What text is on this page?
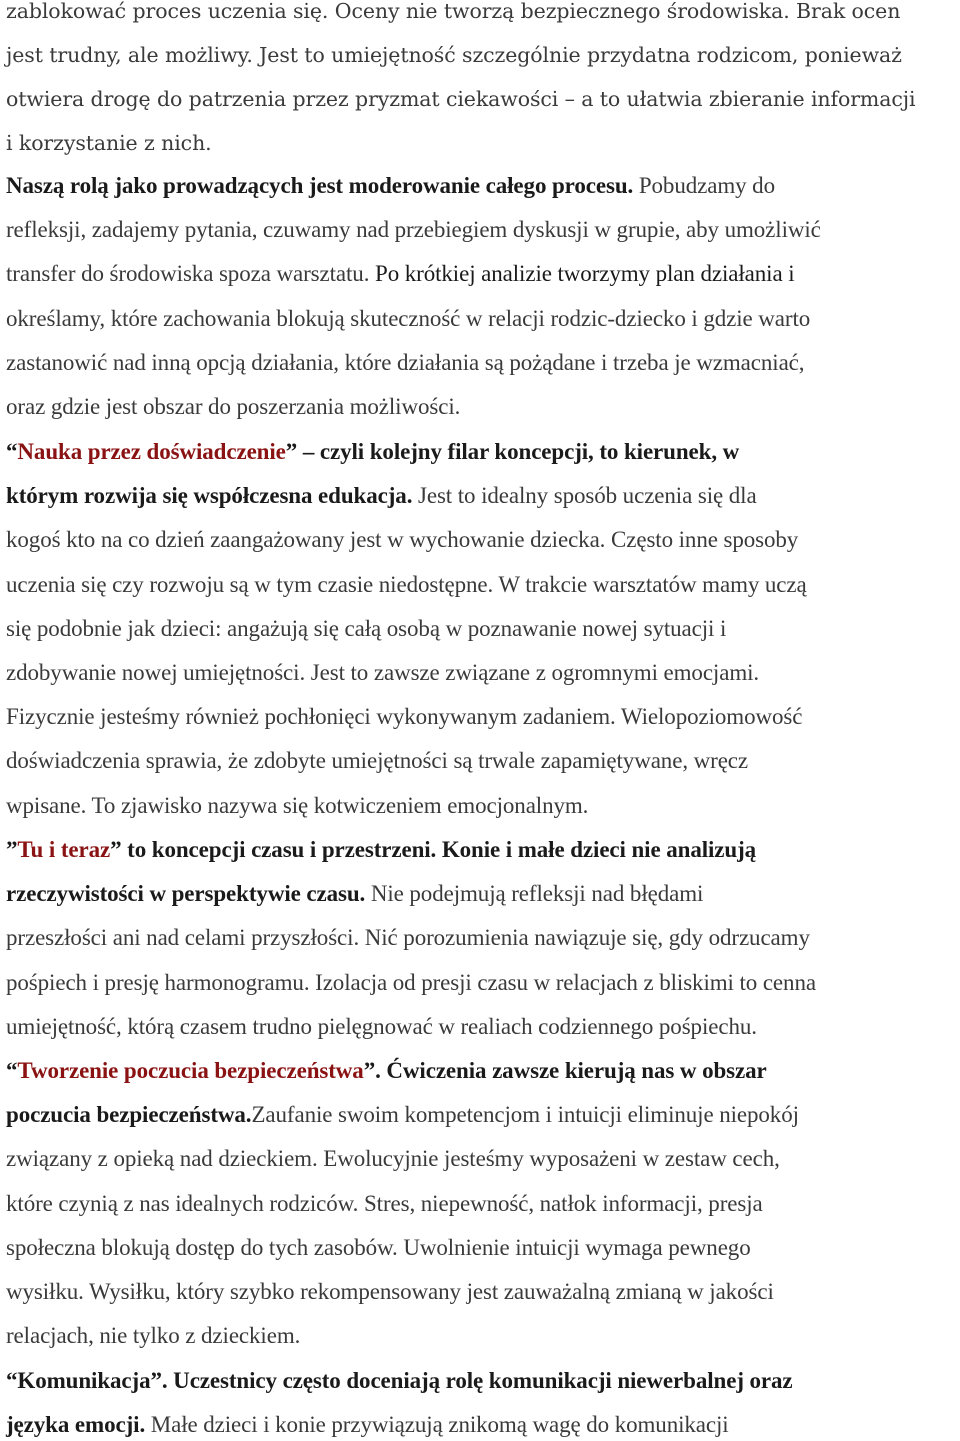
zablokować proces uczenia się. Oceny nie tworzą bezpiecznego środowiska. Brak ocen
jest trudny, ale możliwy. Jest to umiejętność szczególnie przydatna rodzicom, ponieważ
otwiera drogę do patrzenia przez pryzmat ciekawości – a to ułatwia zbieranie informacji
i korzystanie z nich.
Naszą rolą jako prowadzących jest moderowanie całego procesu. Pobudzamy do
refleksji, zadajemy pytania, czuwamy nad przebiegiem dyskusji w grupie, aby umożliwić
transfer do środowiska spoza warsztatu. Po krótkiej analizie tworzymy plan działania i
określamy, które zachowania blokują skuteczność w relacji rodzic-dziecko i gdzie warto
zastanowić nad inną opcją działania, które działania są pożądane i trzeba je wzmacniać,
oraz gdzie jest obszar do poszerzania możliwości.
“Nauka przez doświadczenie” – czyli kolejny filar koncepcji, to kierunek, w
którym rozwija się współczesna edukacja. Jest to idealny sposób uczenia się dla
kogoś kto na co dzień zaangażowany jest w wychowanie dziecka. Często inne sposoby
uczenia się czy rozwoju są w tym czasie niedostępne. W trakcie warsztatów mamy uczą
się podobnie jak dzieci: angażują się całą osobą w poznawanie nowej sytuacji i
zdobywanie nowej umiejętności. Jest to zawsze związane z ogromnymi emocjami.
Fizycznie jesteśmy również pochłonięci wykonywanym zadaniem. Wielopoziomowość
doświadczenia sprawia, że zdobyte umiejętności są trwale zapamiętywane, wręcz
wpisane. To zjawisko nazywa się kotwiczeniem emocjonalnym.
”Tu i teraz” to koncepcji czasu i przestrzeni. Konie i małe dzieci nie analizują
rzeczywistości w perspektywie czasu. Nie podejmują refleksji nad błędami
przeszłości ani nad celami przyszłości. Nić porozumienia nawiązuje się, gdy odrzucamy
pośpiech i presję harmonogramu. Izolacja od presji czasu w relacjach z bliskimi to cenna
umiejętność, którą czasem trudno pielęgnować w realiach codziennego pośpiechu.
“Tworzenie poczucia bezpieczeństwa”. Ćwiczenia zawsze kierują nas w obszar
poczucia bezpieczeństwa.Zaufanie swoim kompetencjom i intuicji eliminuje niepokój
związany z opieką nad dzieckiem. Ewolucyjnie jesteśmy wyposażeni w zestaw cech,
które czynią z nas idealnych rodziców. Stres, niepewność, natłok informacji, presja
społeczna blokują dostęp do tych zasobów. Uwolnienie intuicji wymaga pewnego
wysiłku. Wysiłku, który szybko rekompensowany jest zauważalną zmianą w jakości
relacjach, nie tylko z dzieckiem.
“Komunikacja”. Uczestnicy często doceniają rolę komunikacji niewerbalnej oraz
języka emocji. Małe dzieci i konie przywiązują znikomą wagę do komunikacji
